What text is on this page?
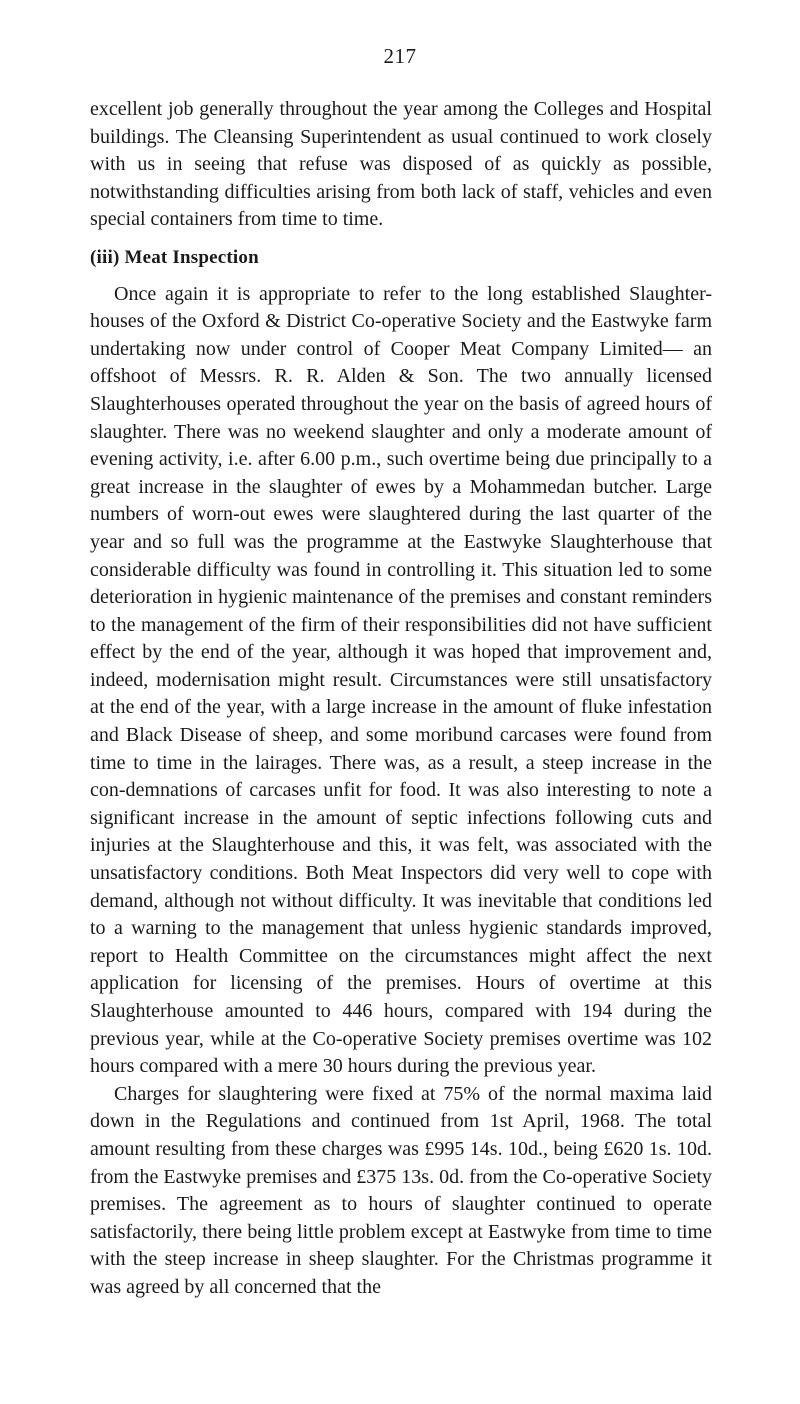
217

excellent job generally throughout the year among the Colleges and Hospital buildings. The Cleansing Superintendent as usual continued to work closely with us in seeing that refuse was disposed of as quickly as possible, notwithstanding difficulties arising from both lack of staff, vehicles and even special containers from time to time.

(iii) Meat Inspection

Once again it is appropriate to refer to the long established Slaughter-houses of the Oxford & District Co-operative Society and the Eastwyke farm undertaking now under control of Cooper Meat Company Limited— an offshoot of Messrs. R. R. Alden & Son. The two annually licensed Slaughterhouses operated throughout the year on the basis of agreed hours of slaughter. There was no weekend slaughter and only a moderate amount of evening activity, i.e. after 6.00 p.m., such overtime being due principally to a great increase in the slaughter of ewes by a Mohammedan butcher. Large numbers of worn-out ewes were slaughtered during the last quarter of the year and so full was the programme at the Eastwyke Slaughterhouse that considerable difficulty was found in controlling it. This situation led to some deterioration in hygienic maintenance of the premises and constant reminders to the management of the firm of their responsibilities did not have sufficient effect by the end of the year, although it was hoped that improvement and, indeed, modernisation might result. Circumstances were still unsatisfactory at the end of the year, with a large increase in the amount of fluke infestation and Black Disease of sheep, and some moribund carcases were found from time to time in the lairages. There was, as a result, a steep increase in the con-demnations of carcases unfit for food. It was also interesting to note a significant increase in the amount of septic infections following cuts and injuries at the Slaughterhouse and this, it was felt, was associated with the unsatisfactory conditions. Both Meat Inspectors did very well to cope with demand, although not without difficulty. It was inevitable that conditions led to a warning to the management that unless hygienic standards improved, report to Health Committee on the circumstances might affect the next application for licensing of the premises. Hours of overtime at this Slaughterhouse amounted to 446 hours, compared with 194 during the previous year, while at the Co-operative Society premises overtime was 102 hours compared with a mere 30 hours during the previous year.

Charges for slaughtering were fixed at 75% of the normal maxima laid down in the Regulations and continued from 1st April, 1968. The total amount resulting from these charges was £995 14s. 10d., being £620 1s. 10d. from the Eastwyke premises and £375 13s. 0d. from the Co-operative Society premises. The agreement as to hours of slaughter continued to operate satisfactorily, there being little problem except at Eastwyke from time to time with the steep increase in sheep slaughter. For the Christmas programme it was agreed by all concerned that the
